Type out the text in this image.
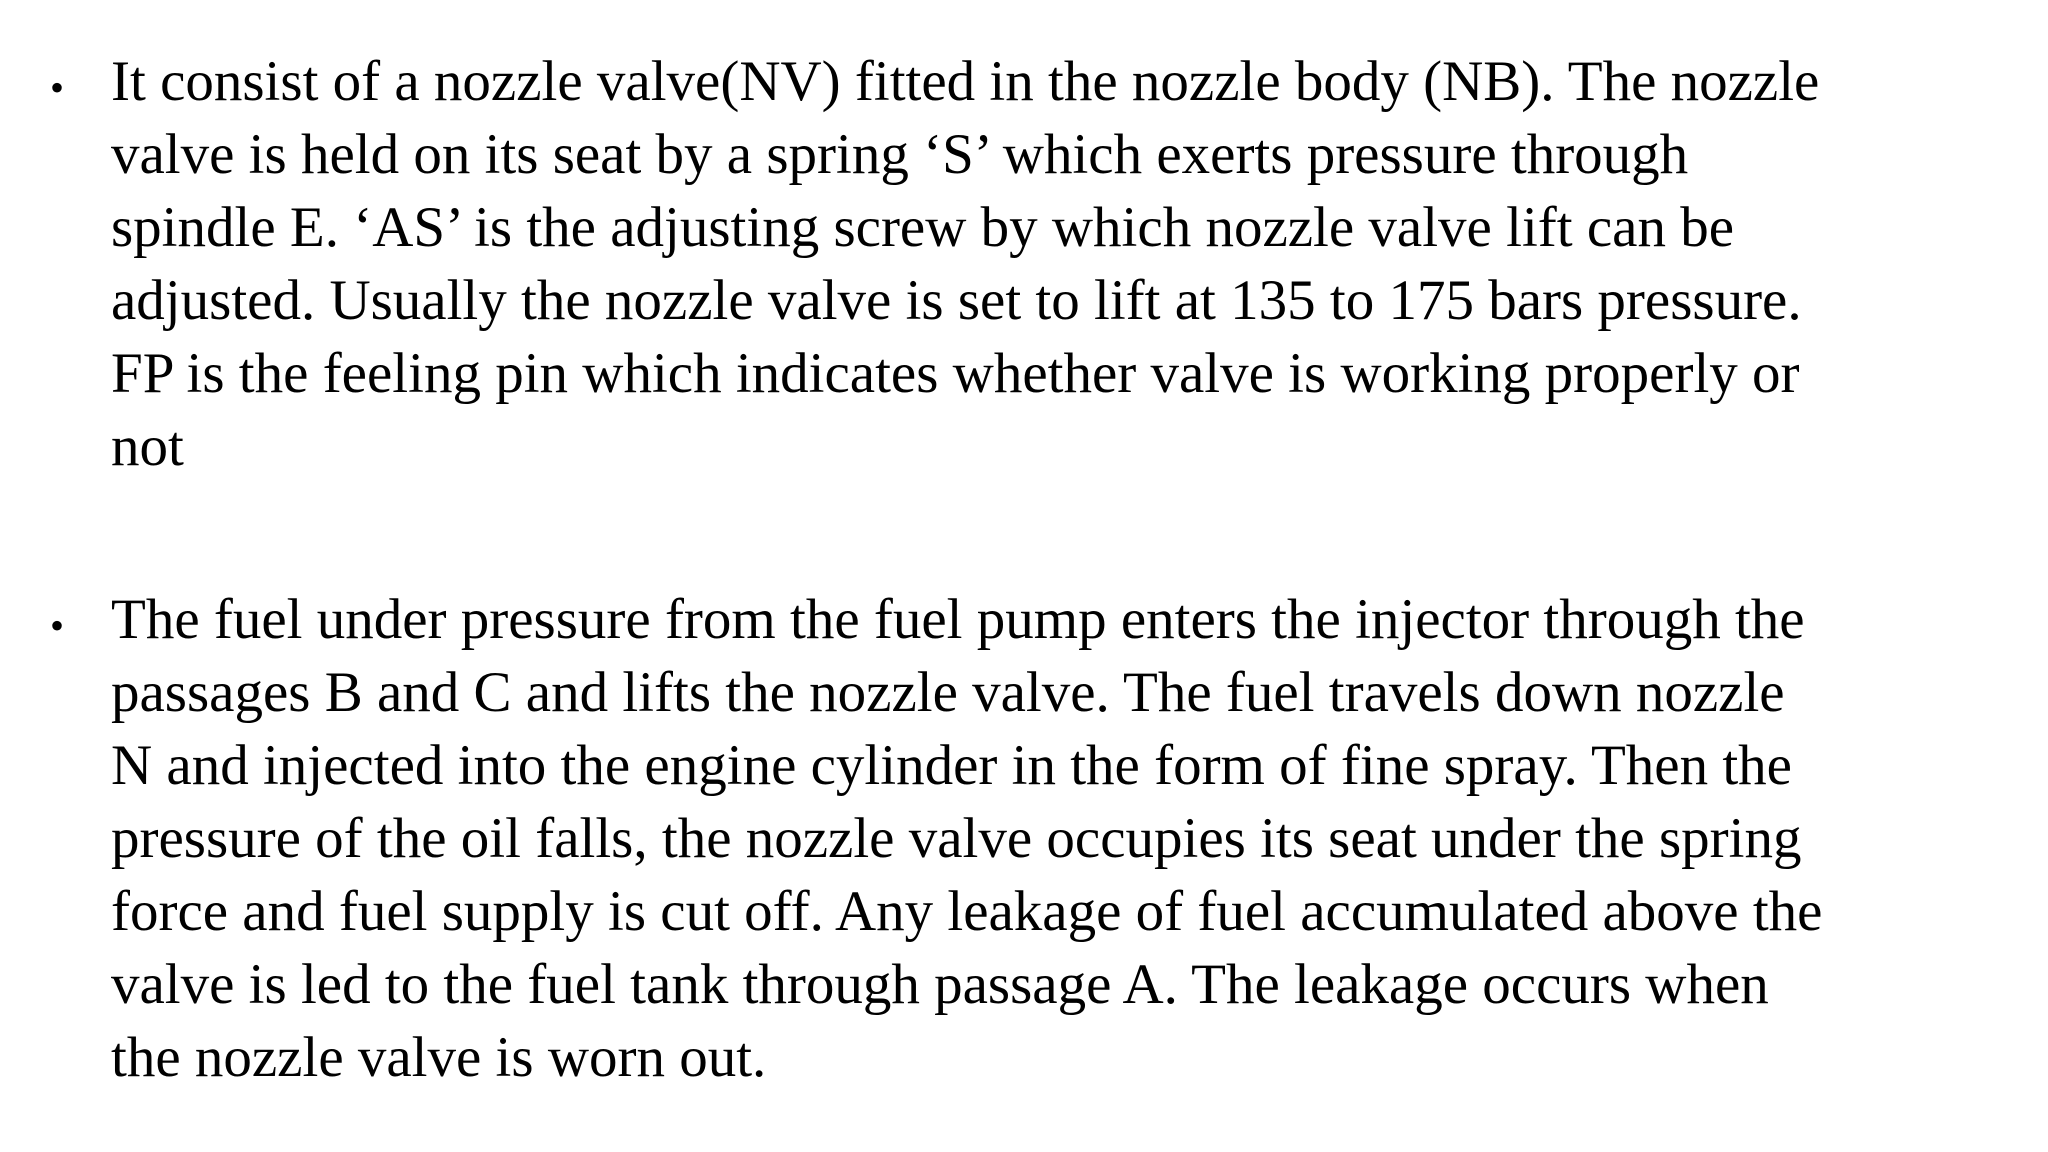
• It consist of a nozzle valve(NV) fitted in the nozzle body (NB). The nozzle
valve is held on its seat by a spring ‘S’ which exerts pressure through
spindle E. ‘AS’ is the adjusting screw by which nozzle valve lift can be
adjusted. Usually the nozzle valve is set to lift at 135 to 175 bars pressure.
FP is the feeling pin which indicates whether valve is working properly or
not

• The fuel under pressure from the fuel pump enters the injector through the
passages B and C and lifts the nozzle valve. The fuel travels down nozzle
N and injected into the engine cylinder in the form of fine spray. Then the
pressure of the oil falls, the nozzle valve occupies its seat under the spring
force and fuel supply is cut off. Any leakage of fuel accumulated above the
valve is led to the fuel tank through passage A. The leakage occurs when
the nozzle valve is worn out.
